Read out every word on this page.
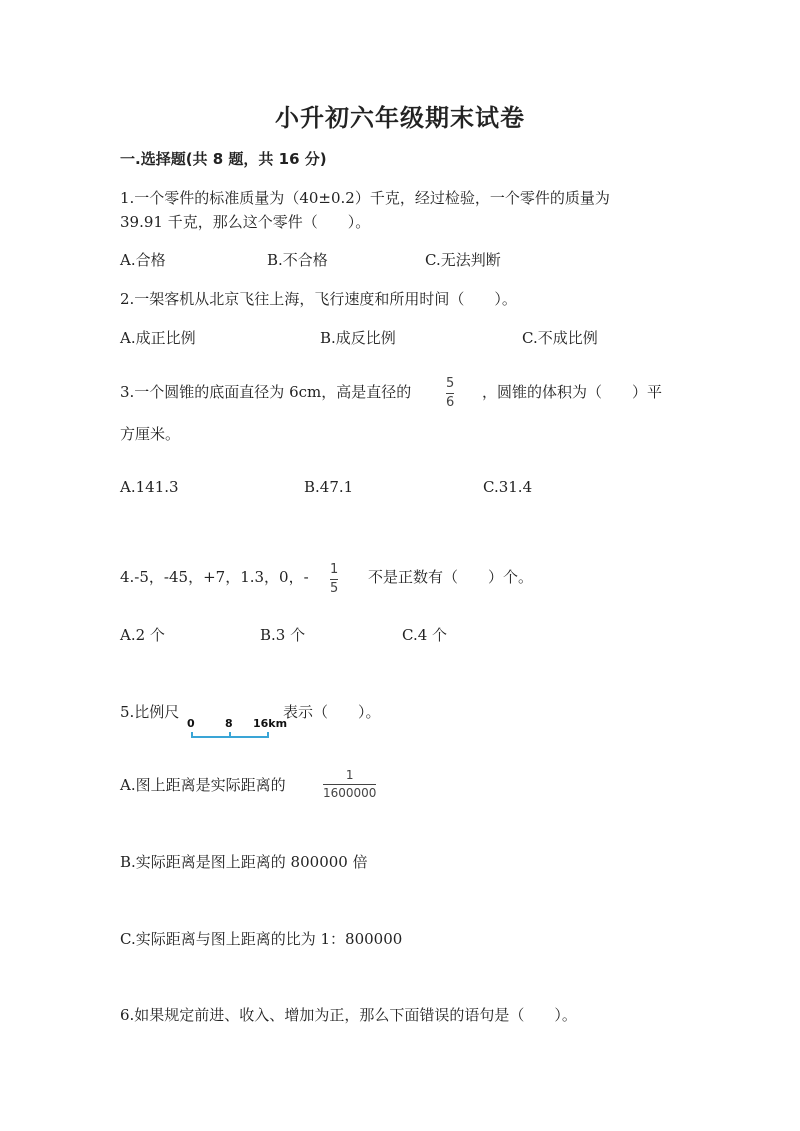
小升初六年级期末试卷
一.选择题(共 8 题，共 16 分)
1.一个零件的标准质量为（40±0.2）千克，经过检验，一个零件的质量为
39.91 千克，那么这个零件（　　）。
A.合格	B.不合格	C.无法判断
2.一架客机从北京飞往上海，飞行速度和所用时间（　　）。
A.成正比例	B.成反比例	C.不成比例
3.一个圆锥的底面直径为 6cm，高是直径的	5
6
，圆锥的体积为（　　）平
方厘米。
A.141.3	B.47.1	C.31.4
4.-5，-45，+7，1.3，0，- 1
5
不是正数有（　　）个。
A.2 个	B.3 个	C.4 个
5.比例尺
0	8 16km
表示（　　）。
A.图上距离是实际距离的
1
1600000
B.实际距离是图上距离的 800000 倍
C.实际距离与图上距离的比为 1：800000
6.如果规定前进、收入、增加为正，那么下面错误的语句是（　　）。
